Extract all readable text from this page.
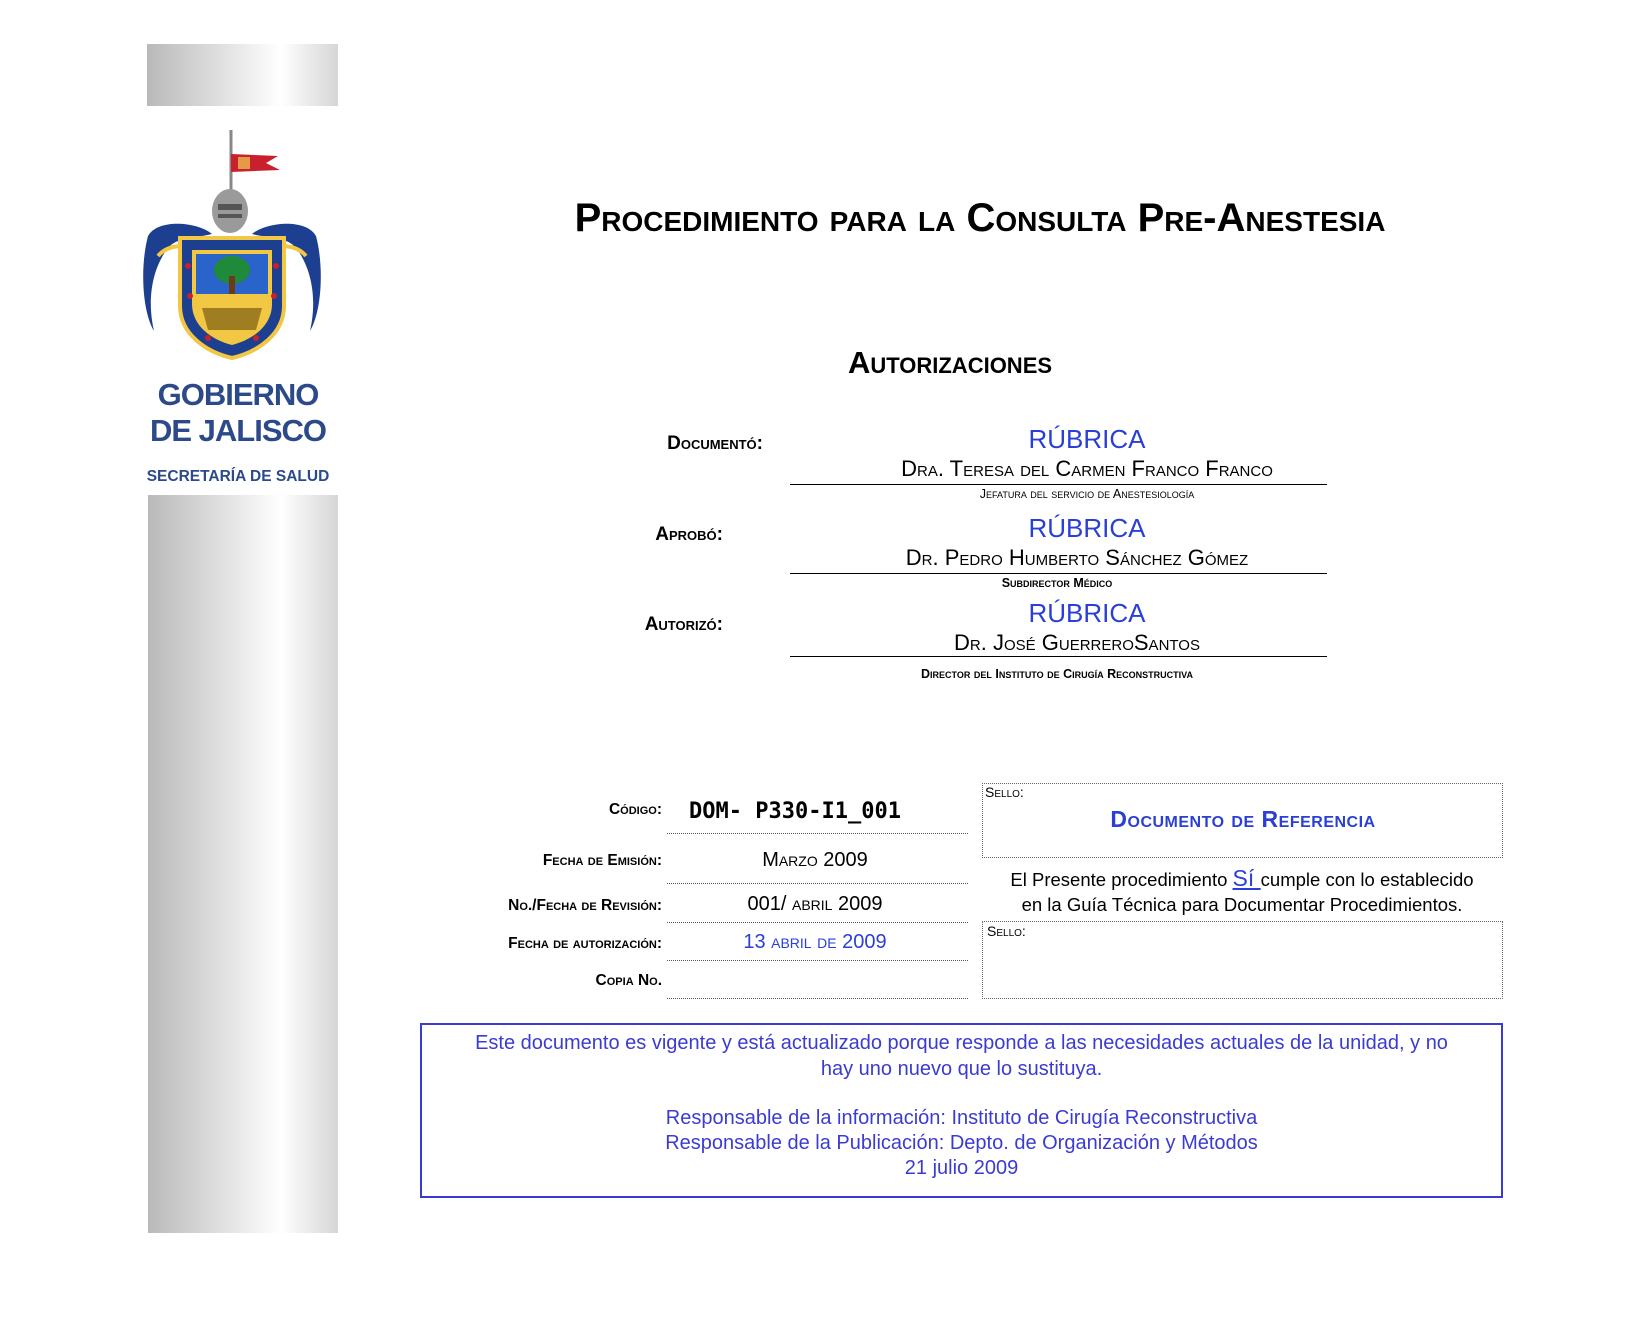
GOBIERNO
DE JALISCO
SECRETARÍA DE SALUD
Procedimiento para la Consulta Pre-Anestesia
Autorizaciones
Documentó:	RÚBRICA
Dra. Teresa del Carmen Franco Franco
Jefatura del servicio de Anestesiología
Aprobó:	RÚBRICA
Dr. Pedro Humberto Sánchez Gómez
Subdirector Médico
Autorizó:	RÚBRICA
Dr. José GuerreroSantos
Director del Instituto de Cirugía Reconstructiva
Código:	DOM- P330-I1_001
Fecha de Emisión:	Marzo 2009
No./Fecha de Revisión:	001/ abril 2009
Fecha de autorización:	13 abril de 2009
Copia No.
Sello:
Documento de Referencia
El Presente procedimiento Sí cumple con lo establecido
en la Guía Técnica para Documentar Procedimientos.
Sello:
Este documento es vigente y está actualizado porque responde a las necesidades actuales de la unidad, y no
hay uno nuevo que lo sustituya.
Responsable de la información: Instituto de Cirugía Reconstructiva
Responsable de la Publicación: Depto. de Organización y Métodos
21 julio 2009
